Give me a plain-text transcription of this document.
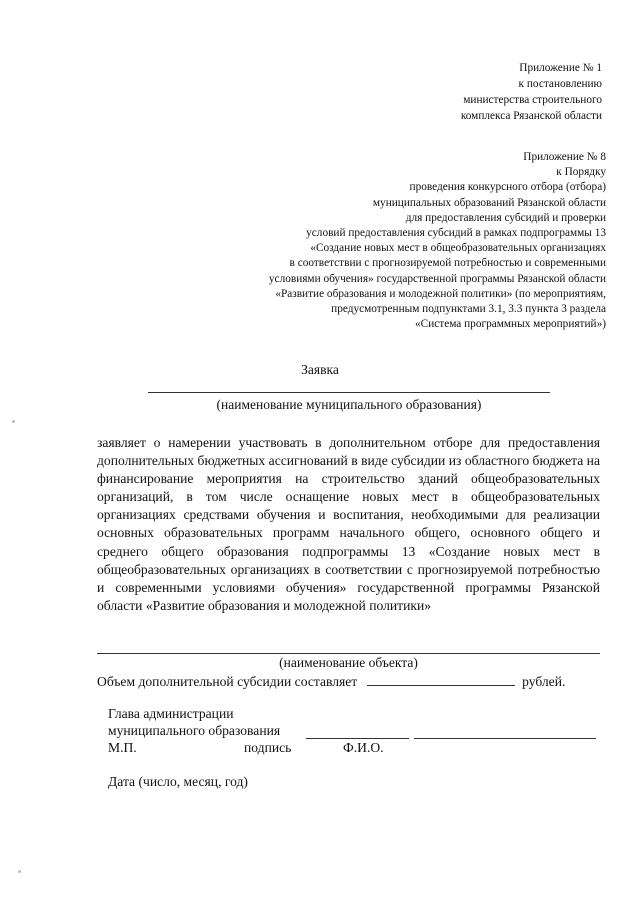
Приложение № 1
к постановлению
министерства строительного
комплекса Рязанской области
Приложение № 8
к Порядку
проведения конкурсного отбора (отбора)
муниципальных образований Рязанской области
для предоставления субсидий и проверки
условий предоставления субсидий в рамках подпрограммы 13
«Создание новых мест в общеобразовательных организациях
в соответствии с прогнозируемой потребностью и современными
условиями обучения» государственной программы Рязанской области
«Развитие образования и молодежной политики» (по мероприятиям,
предусмотренным подпунктами 3.1, 3.3 пункта 3 раздела
«Система программных мероприятий»)
Заявка
(наименование муниципального образования)
заявляет о намерении участвовать в дополнительном отборе для предоставления дополнительных бюджетных ассигнований в виде субсидии из областного бюджета на финансирование мероприятия на строительство зданий общеобразовательных организаций, в том числе оснащение новых мест в общеобразовательных организациях средствами обучения и воспитания, необходимыми для реализации основных образовательных программ начального общего, основного общего и среднего общего образования подпрограммы 13 «Создание новых мест в общеобразовательных организациях в соответствии с прогнозируемой потребностью и современными условиями обучения» государственной программы Рязанской области «Развитие образования и молодежной политики»
(наименование объекта)
Объем дополнительной субсидии составляет	рублей.
Глава администрации
муниципального образования
М.П.	подпись	Ф.И.О.
Дата (число, месяц, год)
